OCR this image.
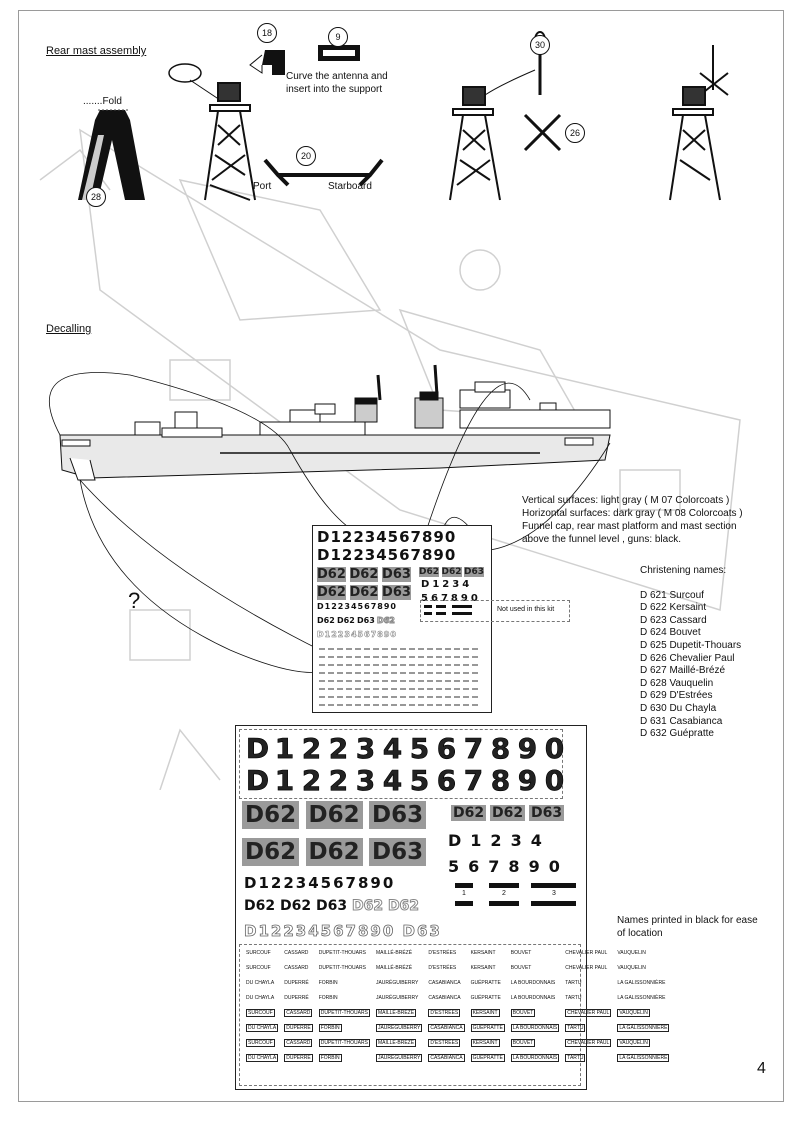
Rear mast assembly
Decalling
.......Fold
18	9
20
28
30
26
Curve the antenna and
insert into the support
Port	Starboard
?
Vertical surfaces: light gray ( M 07 Colorcoats )
Horizontal surfaces: dark gray ( M 08 Colorcoats )
Funnel cap, rear mast platform and mast section
above the funnel level , guns: black.
Christening names:
D 621 Surcouf
D 622 Kersaint
D 623 Cassard
D 624 Bouvet
D 625 Dupetit-Thouars
D 626 Chevalier Paul
D 627 Maillé-Brézé
D 628 Vauquelin
D 629 D'Estrées
D 630 Du Chayla
D 631 Casabianca
D 632 Guépratte
D12234567890
D12234567890
D62 D62 D63 D62 D62 D63
D62 D62 D63
D1234
567890
D12234567890
D62 D62 D63 D62
D12234567890
Not used in this kit
D 1 2 2 3 4 5 6 7 8 9 0
D 1 2 2 3 4 5 6 7 8 9 0
D62 D62 D63
D62 D62 D63
D62 D62 D63
D1234
567890
D12234567890
D62 D62 D63 D62 D62
D12234567890 D63
1	2	3
SURCOUF	CASSARD	DUPETIT-THOUARS	MAILLÉ-BRÉZÉ	D'ESTRÉES	KERSAINT	BOUVET	CHEVALIER PAUL	VAUQUELIN
SURCOUF	CASSARD	DUPETIT-THOUARS	MAILLÉ-BRÉZÉ	D'ESTRÉES	KERSAINT	BOUVET	CHEVALIER PAUL	VAUQUELIN
DU CHAYLA	DUPERRÉ	FORBIN	JAURÉGUIBERRY	CASABIANCA	GUÉPRATTE	LA BOURDONNAIS	TARTU	LA GALISSONNIÈRE
DU CHAYLA	DUPERRÉ	FORBIN	JAURÉGUIBERRY	CASABIANCA	GUÉPRATTE	LA BOURDONNAIS	TARTU	LA GALISSONNIÈRE
SURCOUF	CASSARD	DUPETIT-THOUARS	MAILLÉ-BRÉZÉ	D'ESTRÉES	KERSAINT	BOUVET	CHEVALIER PAUL	VAUQUELIN
DU CHAYLA	DUPERRÉ	FORBIN	JAURÉGUIBERRY	CASABIANCA	GUÉPRATTE	LA BOURDONNAIS	TARTU	LA GALISSONNIÈRE
SURCOUF	CASSARD	DUPETIT-THOUARS	MAILLÉ-BRÉZÉ	D'ESTRÉES	KERSAINT	BOUVET	CHEVALIER PAUL	VAUQUELIN
DU CHAYLA	DUPERRÉ	FORBIN	JAURÉGUIBERRY	CASABIANCA	GUÉPRATTE	LA BOURDONNAIS	TARTU	LA GALISSONNIÈRE
Names printed in black for ease
of location
4
